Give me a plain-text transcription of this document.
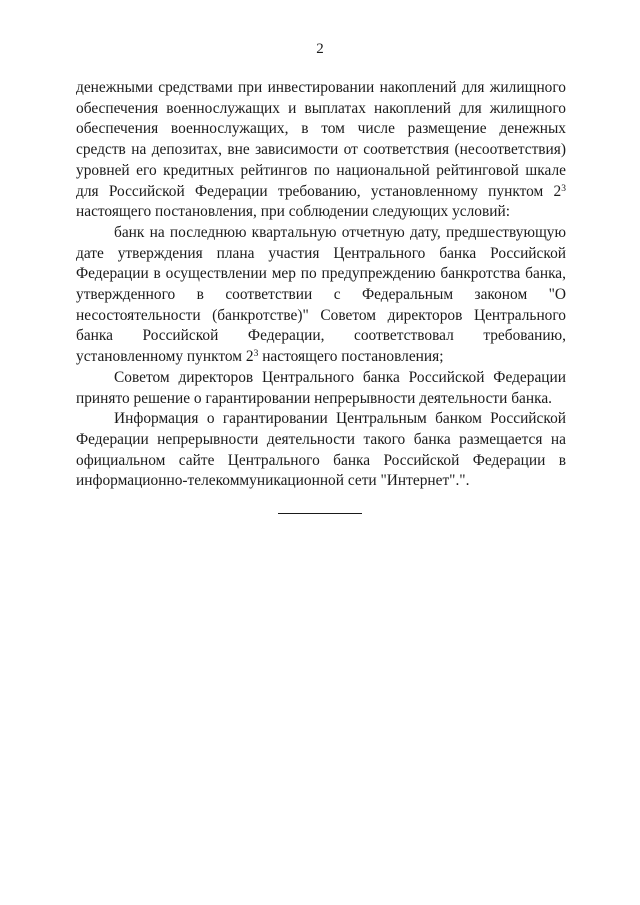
2

денежными средствами при инвестировании накоплений для жилищного обеспечения военнослужащих и выплатах накоплений для жилищного обеспечения военнослужащих, в том числе размещение денежных средств на депозитах, вне зависимости от соответствия (несоответствия) уровней его кредитных рейтингов по национальной рейтинговой шкале для Российской Федерации требованию, установленному пунктом $2^3$ настоящего постановления, при соблюдении следующих условий:

банк на последнюю квартальную отчетную дату, предшествующую дате утверждения плана участия Центрального банка Российской Федерации в осуществлении мер по предупреждению банкротства банка, утвержденного в соответствии с Федеральным законом "О несостоятельности (банкротстве)" Советом директоров Центрального банка Российской Федерации, соответствовал требованию, установленному пунктом $2^3$ настоящего постановления;

Советом директоров Центрального банка Российской Федерации принято решение о гарантировании непрерывности деятельности банка.

Информация о гарантировании Центральным банком Российской Федерации непрерывности деятельности такого банка размещается на официальном сайте Центрального банка Российской Федерации в информационно-телекоммуникационной сети "Интернет".".
